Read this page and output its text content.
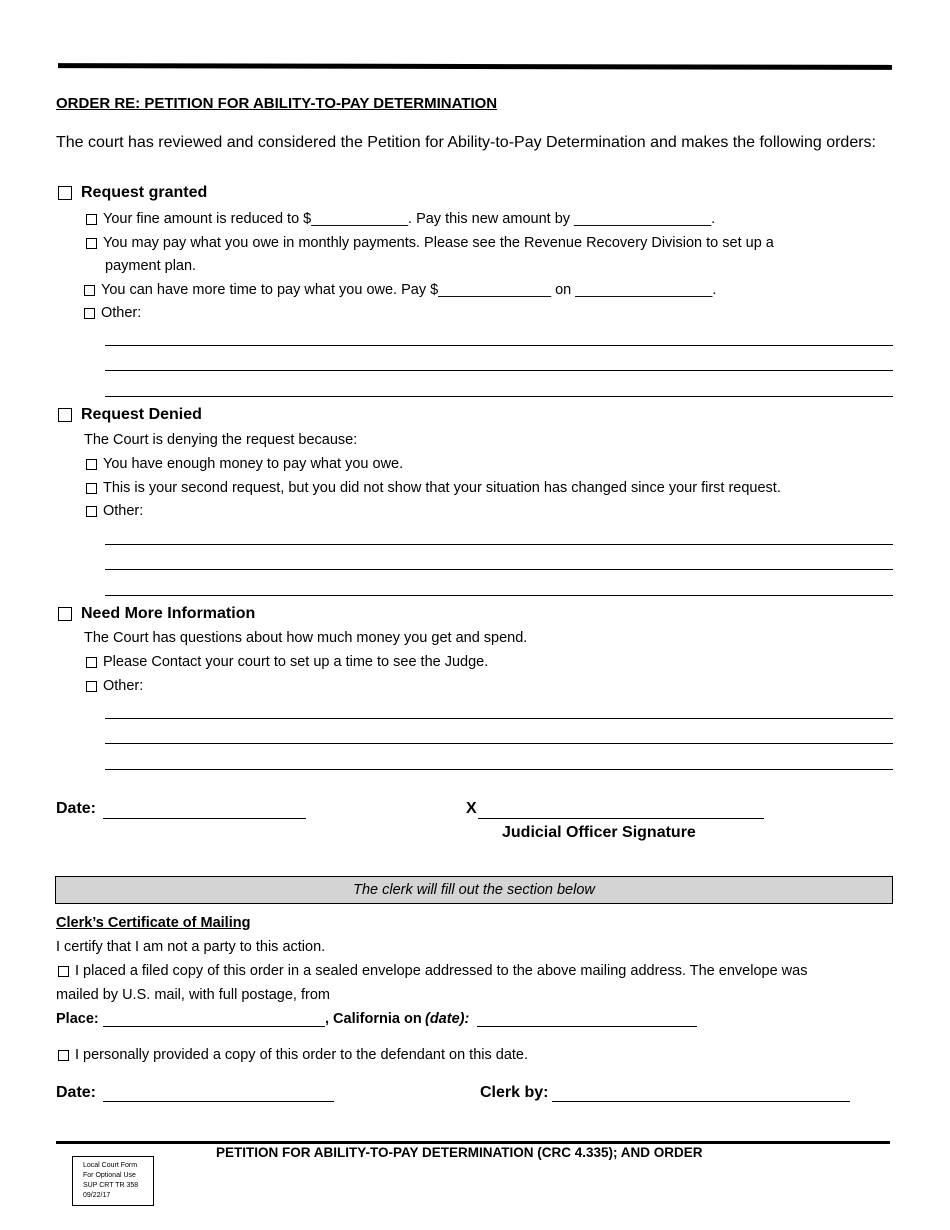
ORDER RE: PETITION FOR ABILITY-TO-PAY DETERMINATION
The court has reviewed and considered the Petition for Ability-to-Pay Determination and makes the following orders:
Request granted
Your fine amount is reduced to $____________. Pay this new amount by _________________.
You may pay what you owe in monthly payments. Please see the Revenue Recovery Division to set up a
payment plan.
You can have more time to pay what you owe. Pay $______________ on _________________.
Other:
Request Denied
The Court is denying the request because:
You have enough money to pay what you owe.
This is your second request, but you did not show that your situation has changed since your first request.
Other:
Need More Information
The Court has questions about how much money you get and spend.
Please Contact your court to set up a time to see the Judge.
Other:
Date:	X
Judicial Officer Signature
The clerk will fill out the section below
Clerk’s Certificate of Mailing
I certify that I am not a party to this action.
I placed a filed copy of this order in a sealed envelope addressed to the above mailing address. The envelope was
mailed by U.S. mail, with full postage, from
Place:	, California on (date):
I personally provided a copy of this order to the defendant on this date.
Date:	Clerk by:
PETITION FOR ABILITY-TO-PAY DETERMINATION (CRC 4.335); AND ORDER
Local Court Form
For Optional Use
SUP CRT TR 358
09/22/17
